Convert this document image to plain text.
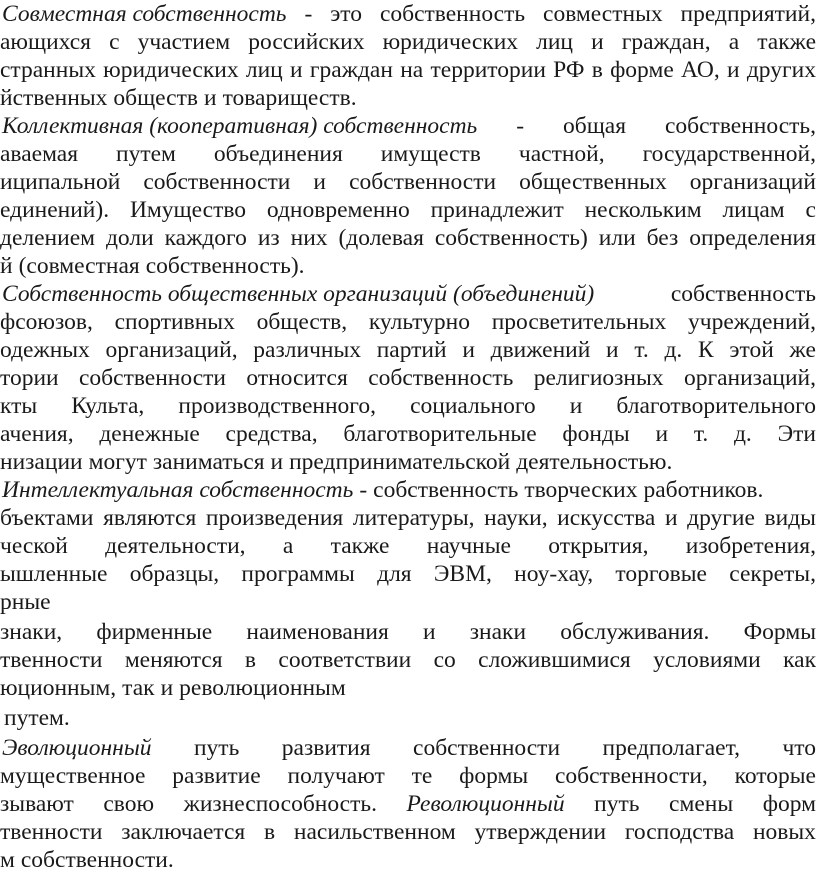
Совместная собственность - это собственность совместных предприятий,
ающихся с участием российских юридических лиц и граждан, а также
странных юридических лиц и граждан на территории РФ в форме АО, и других
йственных обществ и товариществ.
Коллективная (кооперативная) собственность - общая собственность,
аваемая путем объединения имуществ частной, государственной,
иципальной собственности и собственности общественных организаций
единений). Имущество одновременно принадлежит нескольким лицам с
делением доли каждого из них (долевая собственность) или без определения
й (совместная собственность).
Собственность общественных организаций (объединений)	собственность
фсоюзов, спортивных обществ, культурно просветительных учреждений,
одежных организаций, различных партий и движений и т. д. К этой же
тории собственности относится собственность религиозных организаций,
кты Культа, производственного, социального и благотворительного
ачения, денежные средства, благотворительные фонды и т. д. Эти
низации могут заниматься и предпринимательской деятельностью.
Интеллектуальная собственность - собственность творческих работников.
бъектами являются произведения литературы, науки, искусства и другие виды
ческой деятельности, а также научные открытия, изобретения,
ышленные образцы, программы для ЭВМ, ноу-хау, торговые секреты,
рные
знаки, фирменные наименования и знаки обслуживания. Формы
твенности меняются в соответствии со сложившимися условиями как
юционным, так и революционным
путем.
Эволюционный путь развития собственности предполагает, что
мущественное развитие получают те формы собственности, которые
зывают свою жизнеспособность. Революционный путь смены форм
твенности заключается в насильственном утверждении господства новых
м собственности.
